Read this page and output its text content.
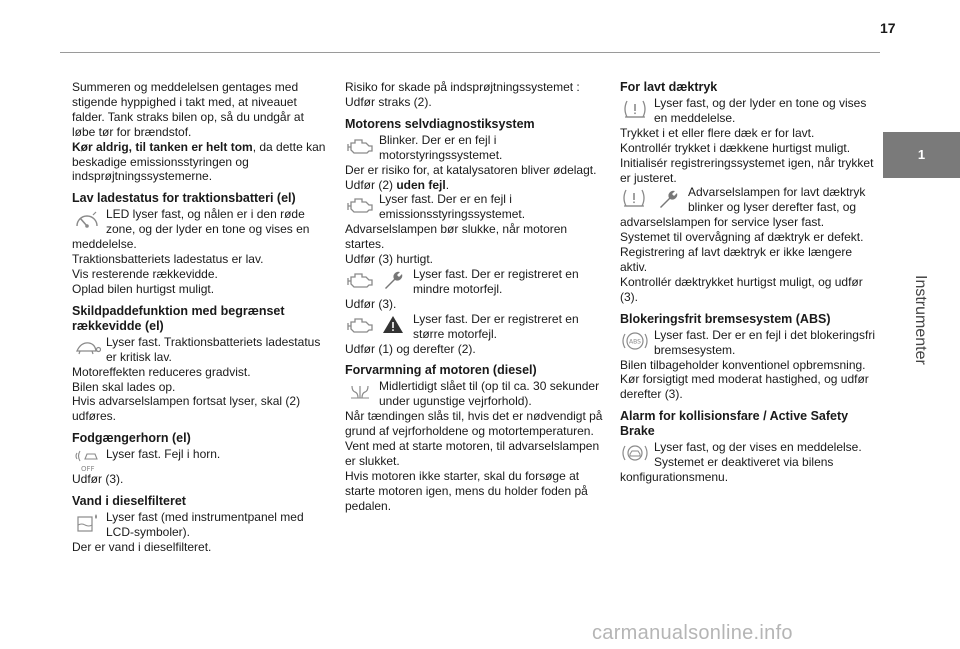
17
1
Instrumenter

Summeren og meddelelsen gentages med stigende hyppighed i takt med, at niveauet falder. Tank straks bilen op, så du undgår at løbe tør for brændstof.

Kør aldrig, til tanken er helt tom, da dette kan beskadige emissionsstyringen og indsprøjtningssystemerne.

Lav ladestatus for traktionsbatteri (el)

LED lyser fast, og nålen er i den røde zone, og der lyder en tone og vises en meddelelse.

Traktionsbatteriets ladestatus er lav.

Vis resterende rækkevidde.

Oplad bilen hurtigst muligt.

Skildpaddefunktion med begrænset rækkevidde (el)

Lyser fast. Traktionsbatteriets ladestatus er kritisk lav.

Motoreffekten reduceres gradvist.

Bilen skal lades op.

Hvis advarselslampen fortsat lyser, skal (2) udføres.

Fodgængerhorn (el)
OFF

Lyser fast. Fejl i horn.

Udfør (3).

Vand i dieselfilteret

Lyser fast (med instrumentpanel med LCD-symboler).

Der er vand i dieselfilteret.

Risiko for skade på indsprøjtningssystemet : Udfør straks (2).

Motorens selvdiagnostiksystem

Blinker. Der er en fejl i motorstyringssystemet.

Der er risiko for, at katalysatoren bliver ødelagt.

Udfør (2) uden fejl.

Lyser fast. Der er en fejl i emissionsstyringssystemet.

Advarselslampen bør slukke, når motoren startes.

Udfør (3) hurtigt.

Lyser fast. Der er registreret en mindre motorfejl.

Udfør (3).

Lyser fast. Der er registreret en større motorfejl.

Udfør (1) og derefter (2).

Forvarmning af motoren (diesel)

Midlertidigt slået til (op til ca. 30 sekunder under ugunstige vejrforhold).

Når tændingen slås til, hvis det er nødvendigt på grund af vejrforholdene og motortemperaturen.

Vent med at starte motoren, til advarselslampen er slukket.

Hvis motoren ikke starter, skal du forsøge at starte motoren igen, mens du holder foden på pedalen.

For lavt dæktryk

Lyser fast, og der lyder en tone og vises en meddelelse.

Trykket i et eller flere dæk er for lavt.

Kontrollér trykket i dækkene hurtigst muligt.

Initialisér registreringssystemet igen, når trykket er justeret.

Advarselslampen for lavt dæktryk blinker og lyser derefter fast, og advarselslampen for service lyser fast.

Systemet til overvågning af dæktryk er defekt.

Registrering af lavt dæktryk er ikke længere aktiv.

Kontrollér dæktrykket hurtigst muligt, og udfør (3).

Blokeringsfrit bremsesystem (ABS)
ABS	Lyser fast. Der er en fejl i det blokeringsfri bremsesystem.

Bilen tilbageholder konventionel opbremsning.

Kør forsigtigt med moderat hastighed, og udfør derefter (3).

Alarm for kollisionsfare / Active Safety Brake

Lyser fast, og der vises en meddelelse. Systemet er deaktiveret via bilens konfigurationsmenu.

carmanualsonline.info
